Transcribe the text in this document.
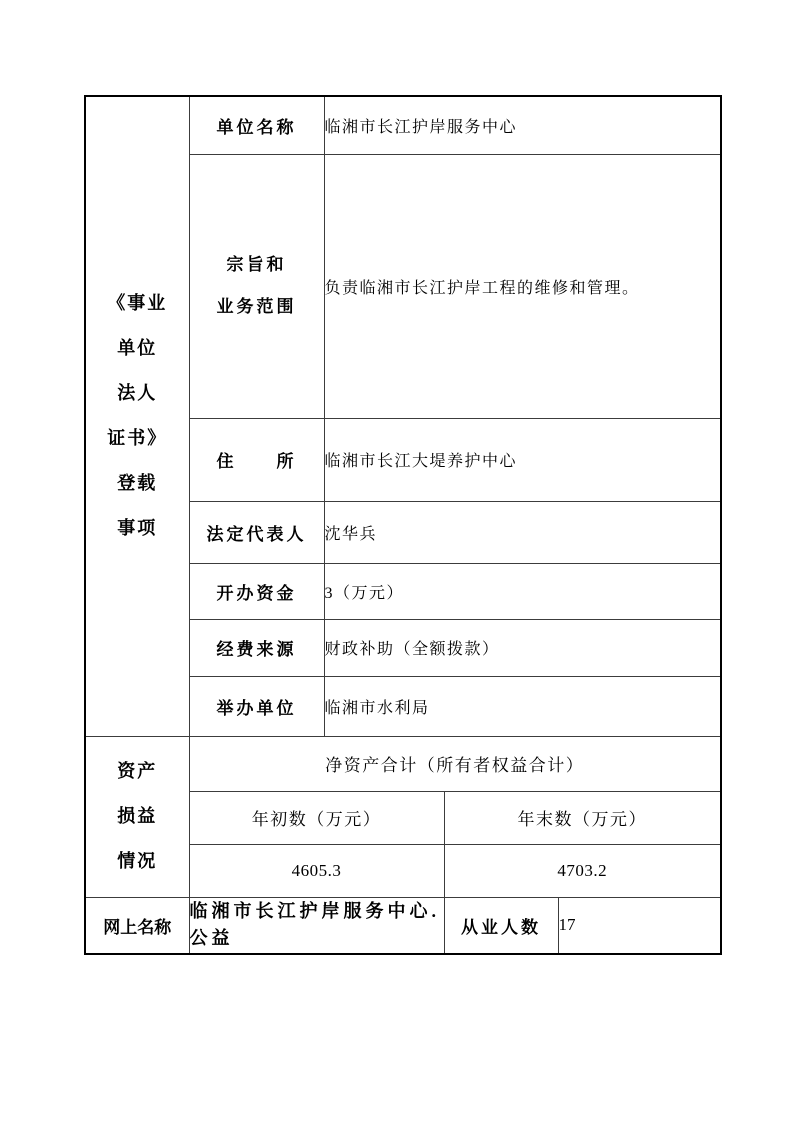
《事业
单位
法人
证书》
登载
事项
	单位名称	临湘市长江护岸服务中心

	宗旨和
业务范围	负责临湘市长江护岸工程的维修和管理。		
	住　　所	临湘市长江大堤养护中心		
	法定代表人	沈华兵		
	开办资金	3（万元）		
	经费来源	财政补助（全额拨款）		
	举办单位	临湘市水利局		

资产
损益
情况	净资产合计（所有者权益合计）			
	年初数（万元）		年末数（万元）	
	4605.3		4703.2	
网上名称	临湘市长江护岸服务中心.公益		从业人数	17
